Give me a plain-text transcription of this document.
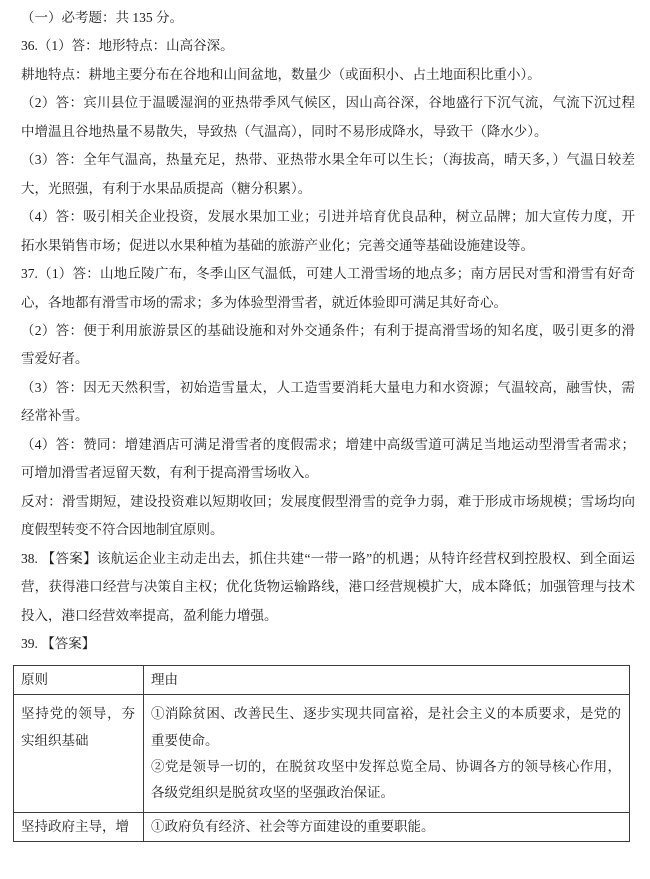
（一）必考题：共 135 分。

36.（1）答：地形特点：山高谷深。

耕地特点：耕地主要分布在谷地和山间盆地，数量少（或面积小、占土地面积比重小）。

（2）答：宾川县位于温暖湿润的亚热带季风气候区，因山高谷深，谷地盛行下沉气流，气流下沉过程中增温且谷地热量不易散失，导致热（气温高），同时不易形成降水，导致干（降水少）。

（3）答：全年气温高，热量充足，热带、亚热带水果全年可以生长；（海拔高，晴天多，）气温日较差大，光照强，有利于水果品质提高（糖分积累）。

（4）答：吸引相关企业投资，发展水果加工业；引进并培育优良品种，树立品牌；加大宣传力度，开拓水果销售市场；促进以水果种植为基础的旅游产业化；完善交通等基础设施建设等。

37.（1）答：山地丘陵广布，冬季山区气温低，可建人工滑雪场的地点多；南方居民对雪和滑雪有好奇心，各地都有滑雪市场的需求；多为体验型滑雪者，就近体验即可满足其好奇心。

（2）答：便于利用旅游景区的基础设施和对外交通条件；有利于提高滑雪场的知名度，吸引更多的滑雪爱好者。

（3）答：因无天然积雪，初始造雪量太，人工造雪要消耗大量电力和水资源；气温较高，融雪快，需经常补雪。

（4）答：赞同：增建酒店可满足滑雪者的度假需求；增建中高级雪道可满足当地运动型滑雪者需求；可增加滑雪者逗留天数，有利于提高滑雪场收入。

反对：滑雪期短，建设投资难以短期收回；发展度假型滑雪的竞争力弱，难于形成市场规模；雪场均向度假型转变不符合因地制宜原则。

38. 【答案】该航运企业主动走出去，抓住共建“一带一路”的机遇；从特许经营权到控股权、到全面运营，获得港口经营与决策自主权；优化货物运输路线，港口经营规模扩大，成本降低；加强管理与技术投入，港口经营效率提高，盈利能力增强。

39. 【答案】

原则	理由
坚持党的领导，夯实组织基础	①消除贫困、改善民生、逐步实现共同富裕，是社会主义的本质要求，是党的重要使命。
②党是领导一切的，在脱贫攻坚中发挥总览全局、协调各方的领导核心作用，各级党组织是脱贫攻坚的坚强政治保证。

坚持政府主导，增	①政府负有经济、社会等方面建设的重要职能。
